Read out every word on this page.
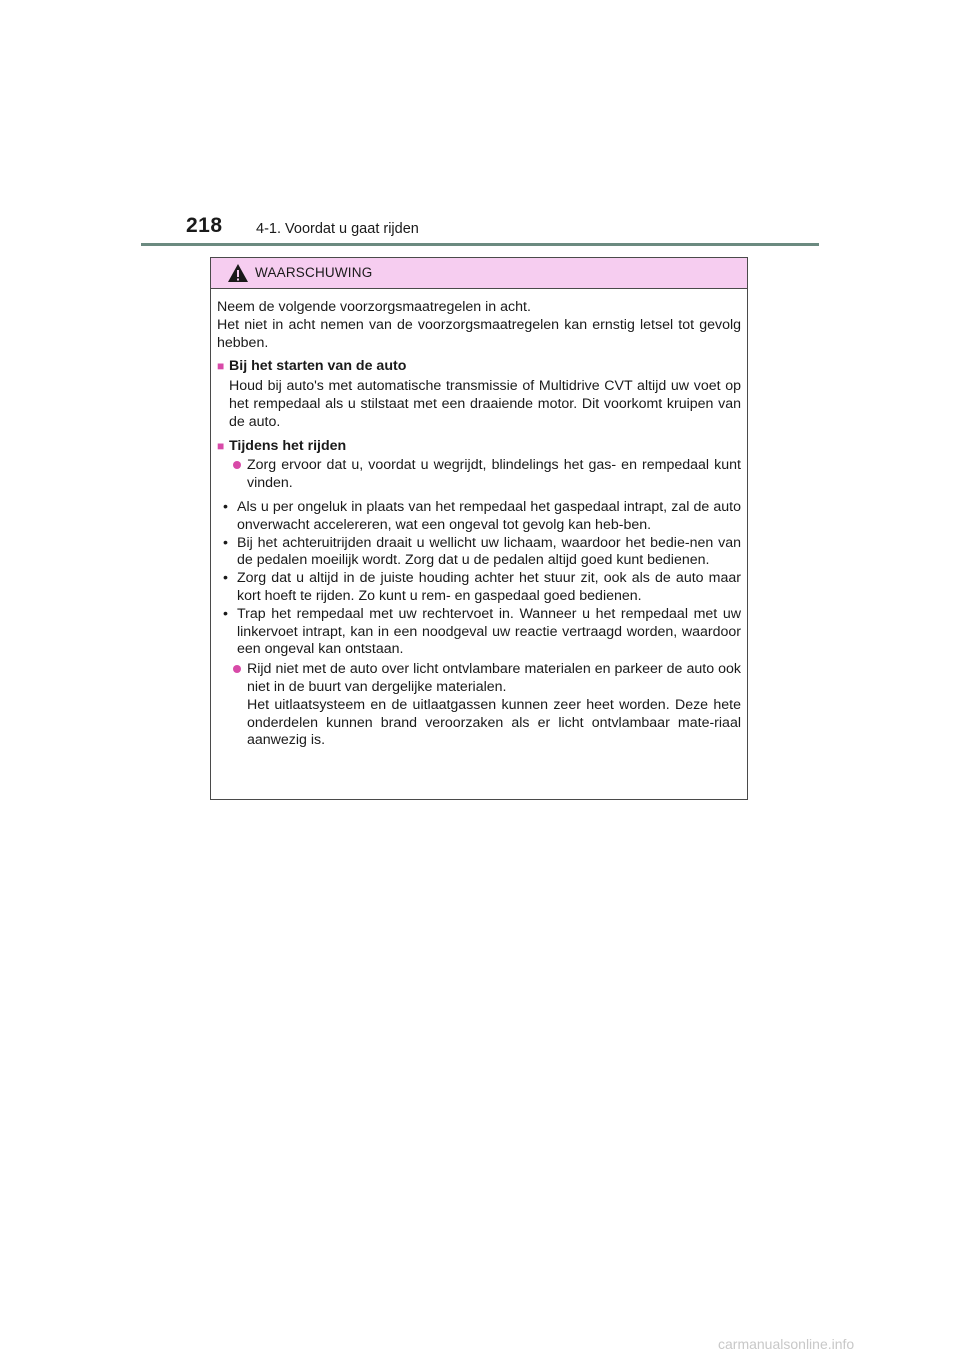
218 4-1. Voordat u gaat rijden
WAARSCHUWING

Neem de volgende voorzorgsmaatregelen in acht.
Het niet in acht nemen van de voorzorgsmaatregelen kan ernstig letsel tot gevolg hebben.

■ Bij het starten van de auto

Houd bij auto's met automatische transmissie of Multidrive CVT altijd uw voet op het rempedaal als u stilstaat met een draaiende motor. Dit voorkomt kruipen van de auto.

■ Tijdens het rijden
Zorg ervoor dat u, voordat u wegrijdt, blindelings het gas- en rempedaal kunt vinden.
• Als u per ongeluk in plaats van het rempedaal het gaspedaal intrapt, zal de auto onverwacht accelereren, wat een ongeval tot gevolg kan heb-ben.
• Bij het achteruitrijden draait u wellicht uw lichaam, waardoor het bedie-nen van de pedalen moeilijk wordt. Zorg dat u de pedalen altijd goed kunt bedienen.
• Zorg dat u altijd in de juiste houding achter het stuur zit, ook als de auto maar kort hoeft te rijden. Zo kunt u rem- en gaspedaal goed bedienen.
• Trap het rempedaal met uw rechtervoet in. Wanneer u het rempedaal met uw linkervoet intrapt, kan in een noodgeval uw reactie vertraagd worden, waardoor een ongeval kan ontstaan.
Rijd niet met de auto over licht ontvlambare materialen en parkeer de auto ook niet in de buurt van dergelijke materialen.
Het uitlaatsysteem en de uitlaatgassen kunnen zeer heet worden. Deze hete onderdelen kunnen brand veroorzaken als er licht ontvlambaar mate-riaal aanwezig is.
carmanualsonline.info
